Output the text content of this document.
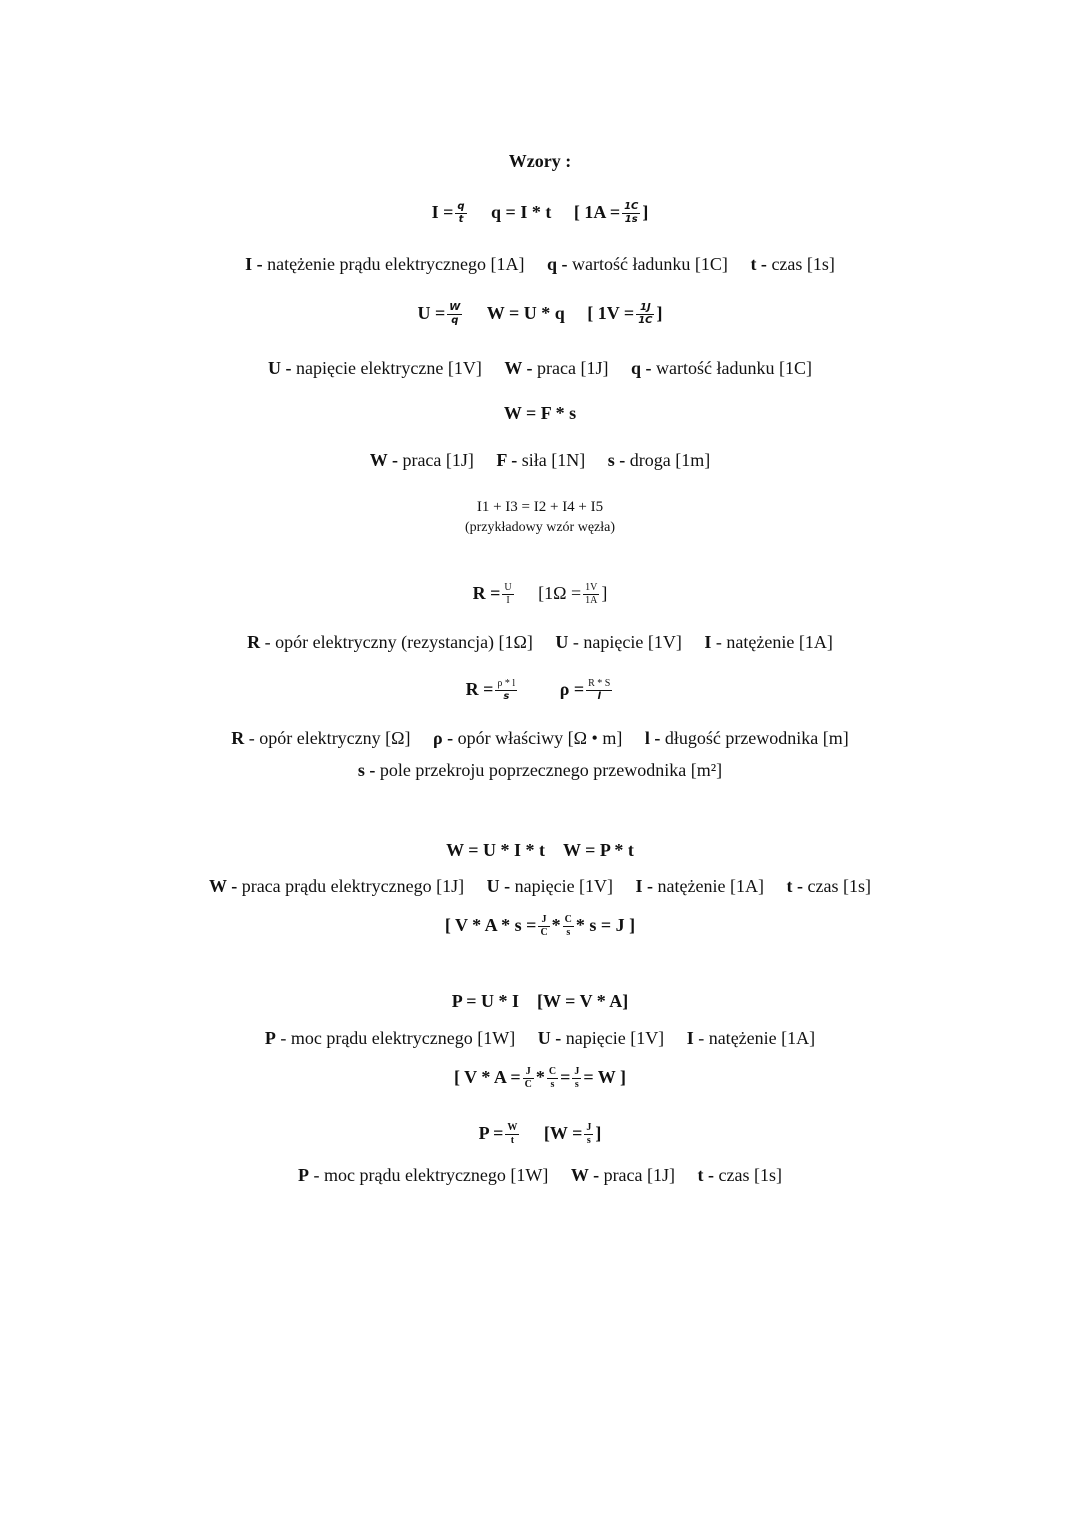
Wzory :
$I = \frac{q}{t}$ q = I * t [ $1A = \frac{1C}{1s}$ ]
I - natężenie prądu elektrycznego [1A] q - wartość ładunku [1C] t - czas [1s]
$U = \frac{W}{q}$ W = U * q [ $1V = \frac{1J}{1C}$ ]
U - napięcie elektryczne [1V] W - praca [1J] q - wartość ładunku [1C]
W = F * s
W - praca [1J] F - siła [1N] s - droga [1m]
I1 + I3 = I2 + I4 + I5
(przykładowy wzór węzła)
$R = \frac{U}{I} [1\Omega = \frac{1V}{1A}$ ]
R - opór elektryczny (rezystancja) [1Ω] U - napięcie [1V] I - natężenie [1A]
$R = \frac{\rho * l}{s}$ $\rho = \frac{R * S}{l}$
R - opór elektryczny [Ω] ρ - opór właściwy [Ω • m] l - długość przewodnika [m]
s - pole przekroju poprzecznego przewodnika [m²]
W = U * I * t W = P * t
W - praca prądu elektrycznego [1J] U - napięcie [1V] I - natężenie [1A] t - czas [1s]
[ $V * A * s = \frac{J}{C} * \frac{C}{s} * s = J$ ]
P = U * I [W = V * A]
P - moc prądu elektrycznego [1W] U - napięcie [1V] I - natężenie [1A]
[ $V * A = \frac{J}{C} * \frac{C}{s} = \frac{J}{s} = W$ ]
$P = \frac{W}{t} [W = \frac{J}{s}$ ]
P - moc prądu elektrycznego [1W] W - praca [1J] t - czas [1s]
